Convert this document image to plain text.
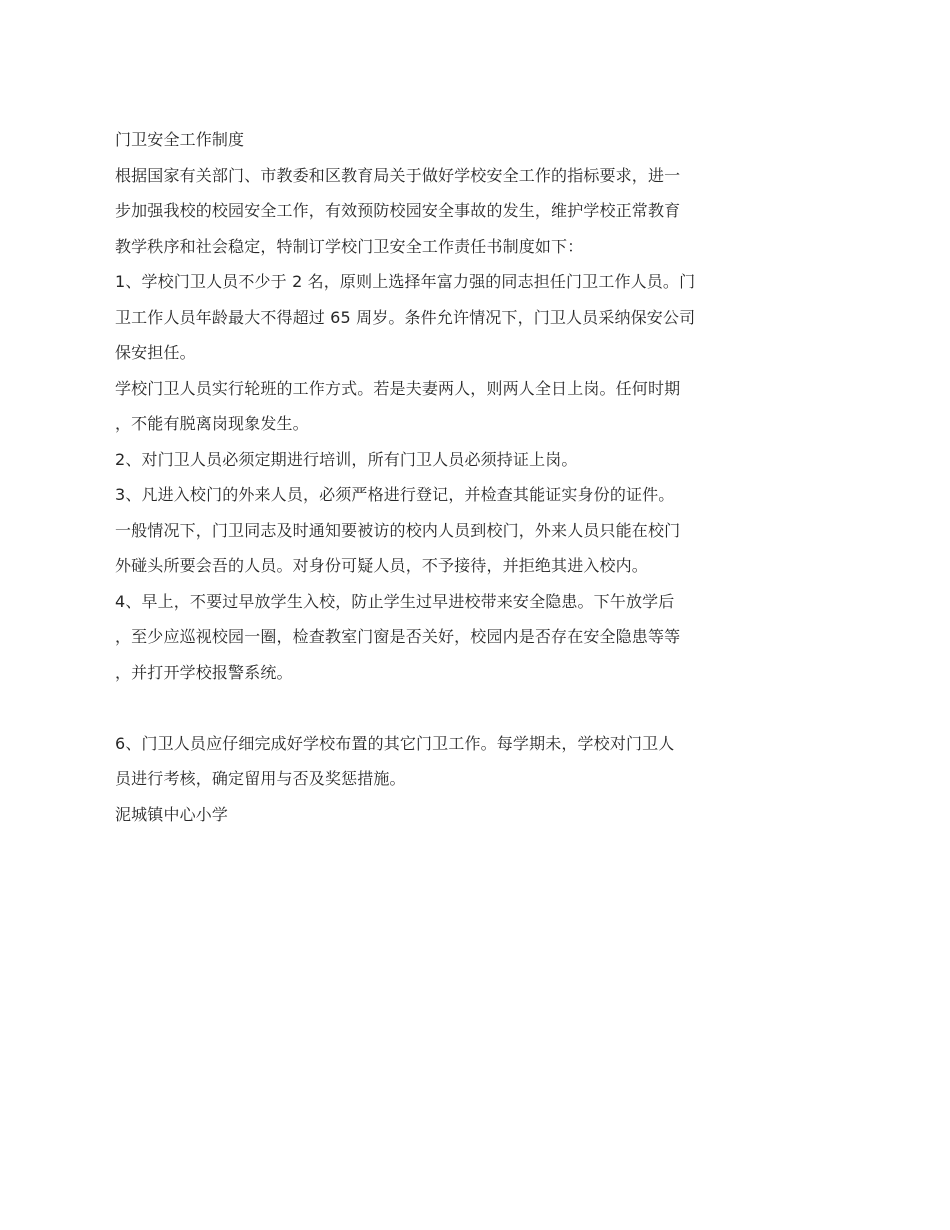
门卫安全工作制度
根据国家有关部门、市教委和区教育局关于做好学校安全工作的指标要求，进一
步加强我校的校园安全工作，有效预防校园安全事故的发生，维护学校正常教育
教学秩序和社会稳定，特制订学校门卫安全工作责任书制度如下：
1、学校门卫人员不少于 2 名，原则上选择年富力强的同志担任门卫工作人员。门
卫工作人员年龄最大不得超过 65 周岁。条件允许情况下，门卫人员采纳保安公司
保安担任。
学校门卫人员实行轮班的工作方式。若是夫妻两人，则两人全日上岗。任何时期
，不能有脱离岗现象发生。
2、对门卫人员必须定期进行培训，所有门卫人员必须持证上岗。
3、凡进入校门的外来人员，必须严格进行登记，并检查其能证实身份的证件。
一般情况下，门卫同志及时通知要被访的校内人员到校门，外来人员只能在校门
外碰头所要会吾的人员。对身份可疑人员，不予接待，并拒绝其进入校内。
4、早上，不要过早放学生入校，防止学生过早进校带来安全隐患。下午放学后
，至少应巡视校园一圈，检查教室门窗是否关好，校园内是否存在安全隐患等等
，并打开学校报警系统。
6、门卫人员应仔细完成好学校布置的其它门卫工作。每学期未，学校对门卫人
员进行考核，确定留用与否及奖惩措施。
泥城镇中心小学
